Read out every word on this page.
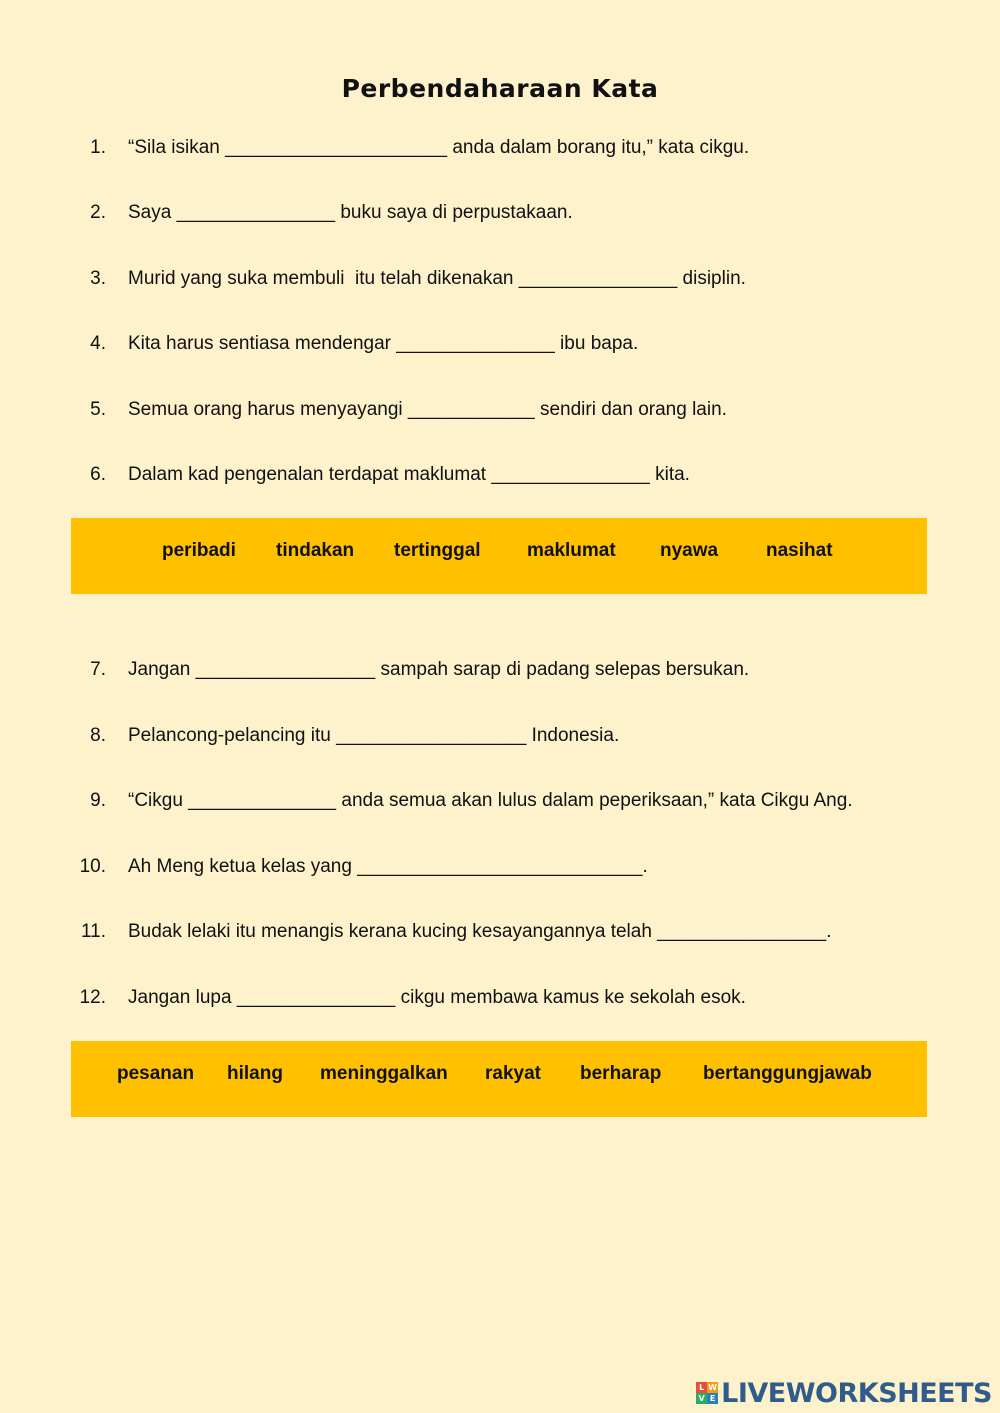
Perbendaharaan Kata
1. “Sila isikan _____________________ anda dalam borang itu,” kata cikgu.
2. Saya _______________ buku saya di perpustakaan.
3. Murid yang suka membuli  itu telah dikenakan _______________ disiplin.
4. Kita harus sentiasa mendengar _______________ ibu bapa.
5. Semua orang harus menyayangi ____________ sendiri dan orang lain.
6. Dalam kad pengenalan terdapat maklumat _______________ kita.
peribadi tindakan tertinggal maklumat nyawa	nasihat
7. Jangan _________________ sampah sarap di padang selepas bersukan.
8. Pelancong-pelancing itu __________________ Indonesia.
9. “Cikgu ______________ anda semua akan lulus dalam peperiksaan,” kata Cikgu Ang.
10. Ah Meng ketua kelas yang ___________________________.
11. Budak lelaki itu menangis kerana kucing kesayangannya telah ________________.
12. Jangan lupa _______________ cikgu membawa kamus ke sekolah esok.
pesanan hilang meninggalkan rakyat berharap bertanggungjawab
L W
V E LIVEWORKSHEETS
